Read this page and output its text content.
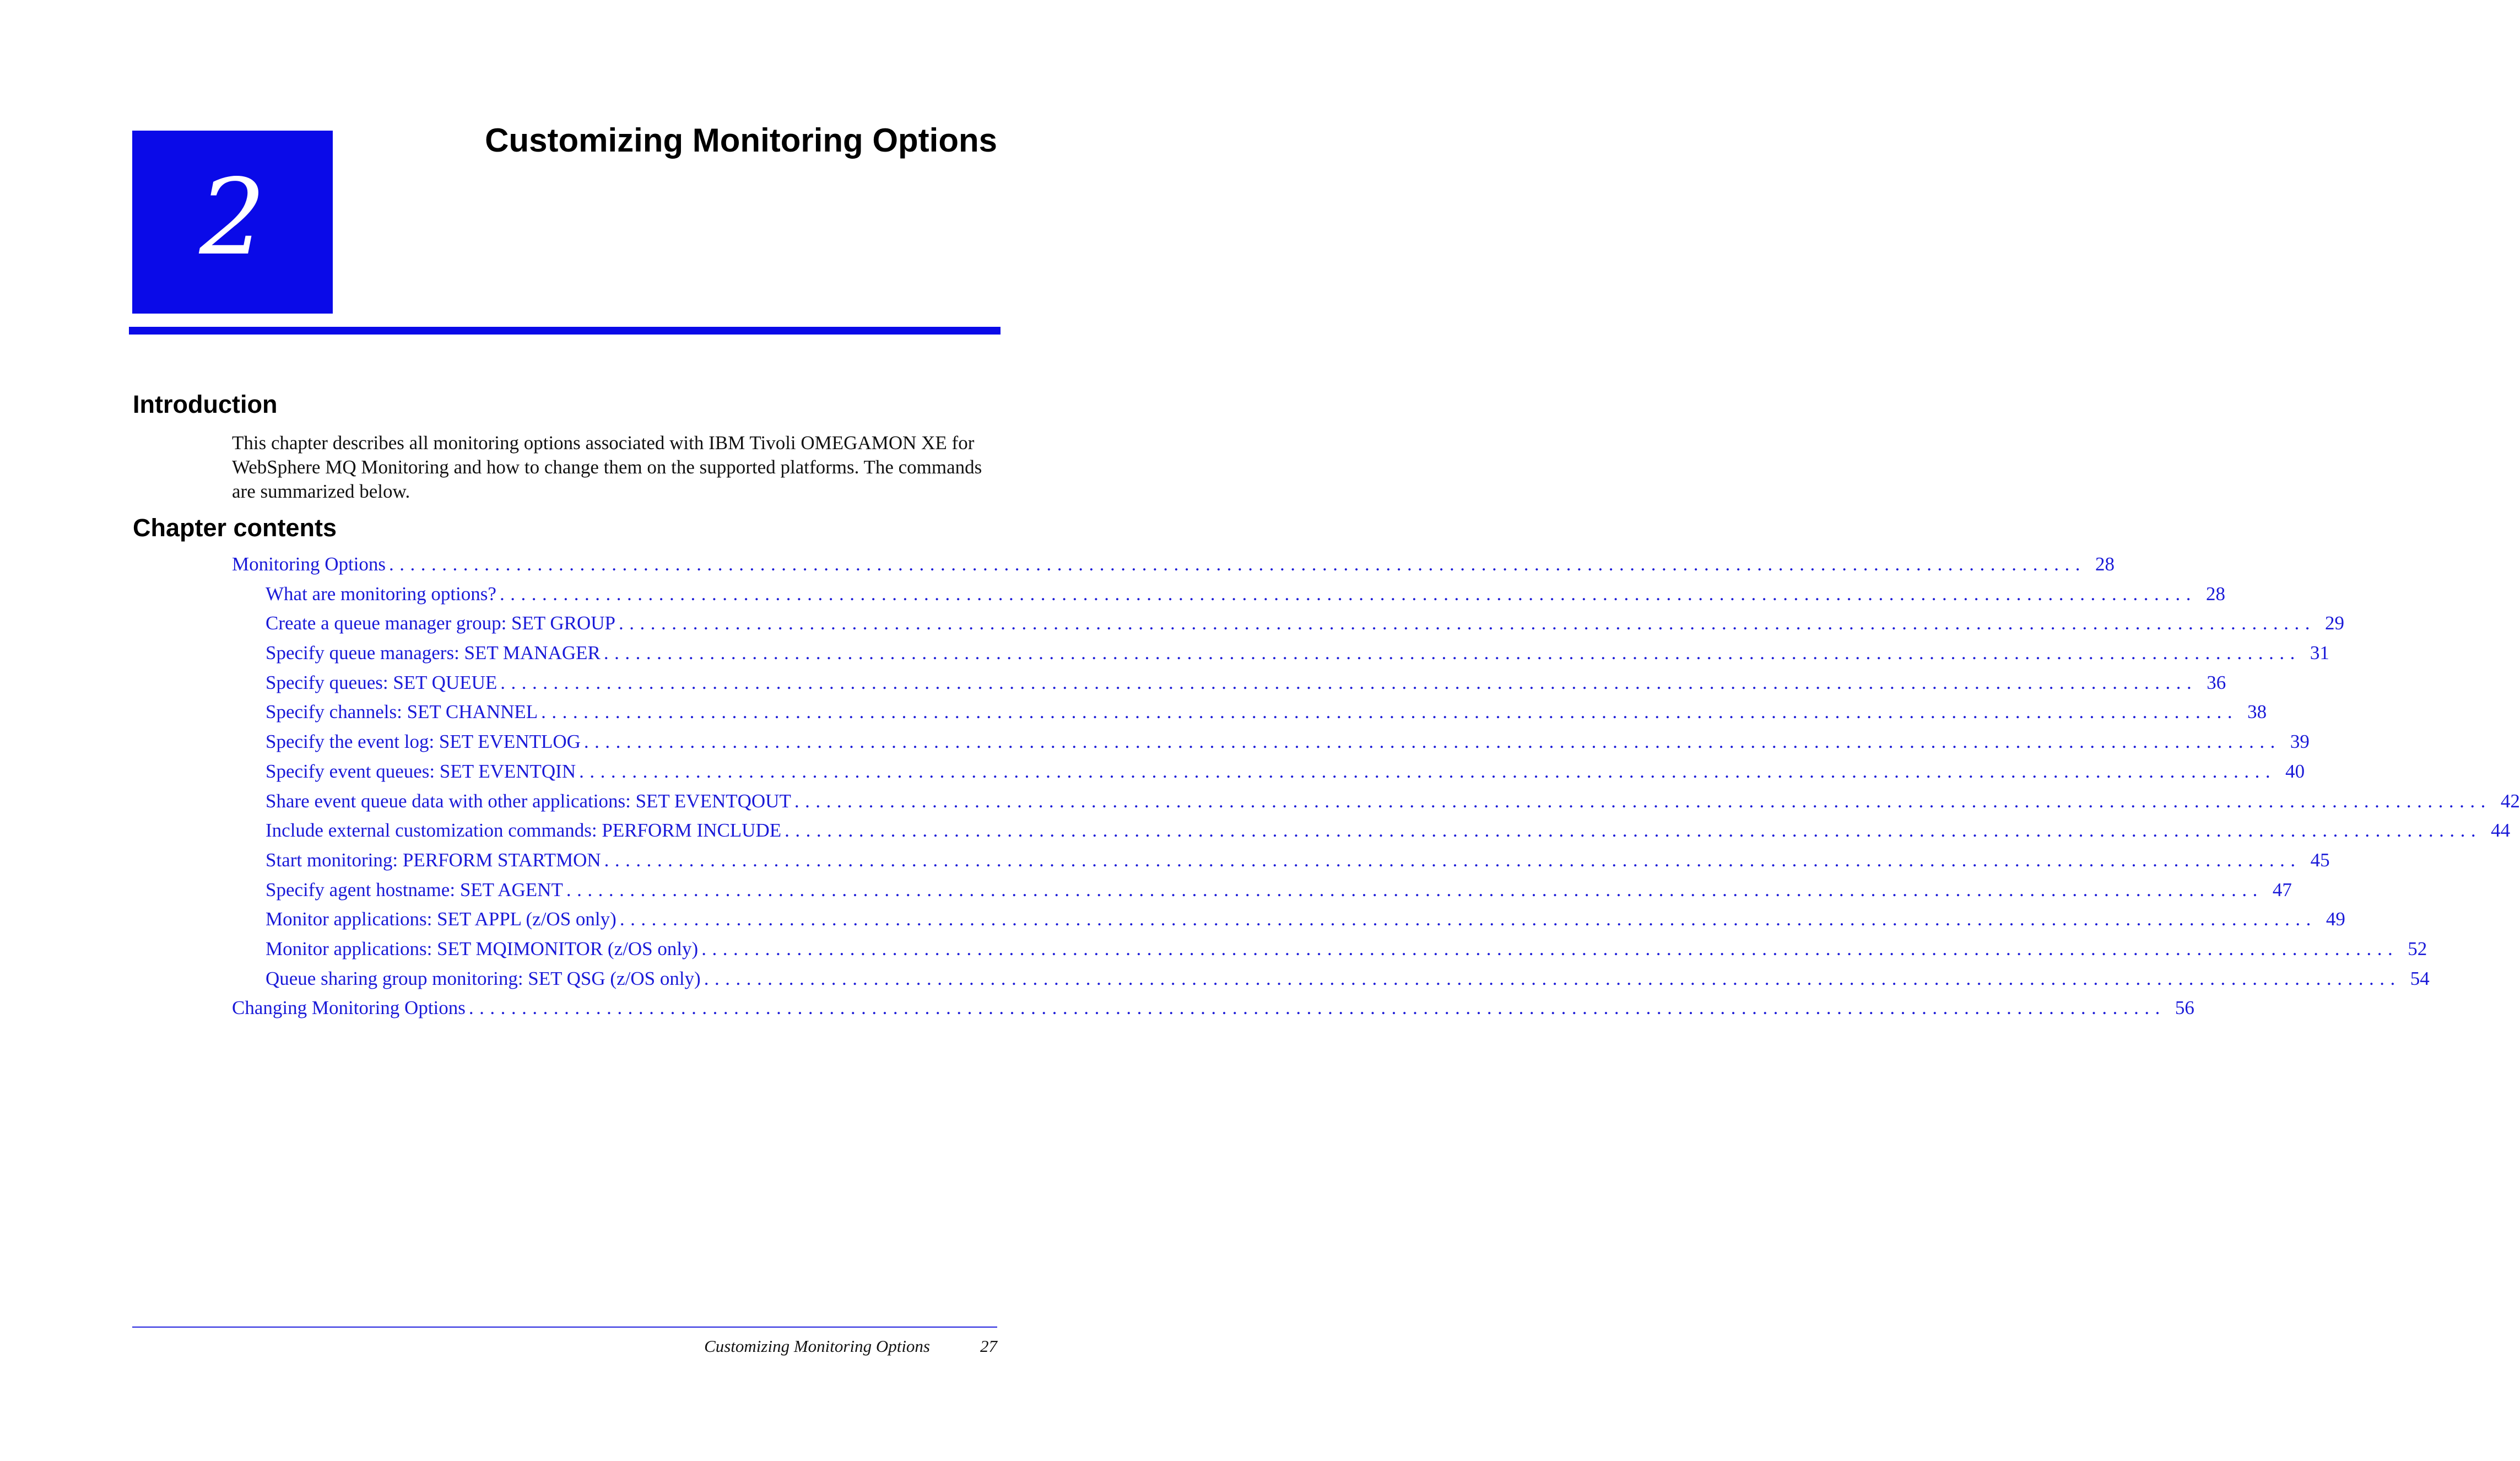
2
Customizing Monitoring Options
Introduction

This chapter describes all monitoring options associated with IBM Tivoli OMEGAMON XE for WebSphere MQ Monitoring and how to change them on the supported platforms. The commands are summarized below.

Chapter contents
Monitoring Options ................................................................................................................................................................ 28
What are monitoring options? ................................................................................................................................................................ 28
Create a queue manager group: SET GROUP ................................................................................................................................................................ 29
Specify queue managers: SET MANAGER ................................................................................................................................................................ 31
Specify queues: SET QUEUE ................................................................................................................................................................ 36
Specify channels: SET CHANNEL ................................................................................................................................................................ 38
Specify the event log: SET EVENTLOG ................................................................................................................................................................ 39
Specify event queues: SET EVENTQIN ................................................................................................................................................................ 40
Share event queue data with other applications: SET EVENTQOUT ................................................................................................................................................................ 42
Include external customization commands: PERFORM INCLUDE ................................................................................................................................................................ 44
Start monitoring: PERFORM STARTMON ................................................................................................................................................................ 45
Specify agent hostname: SET AGENT ................................................................................................................................................................ 47
Monitor applications: SET APPL (z/OS only) ................................................................................................................................................................ 49
Monitor applications: SET MQIMONITOR (z/OS only) ................................................................................................................................................................ 52
Queue sharing group monitoring: SET QSG (z/OS only) ................................................................................................................................................................ 54
Changing Monitoring Options ................................................................................................................................................................ 56

Customizing Monitoring Options	27
